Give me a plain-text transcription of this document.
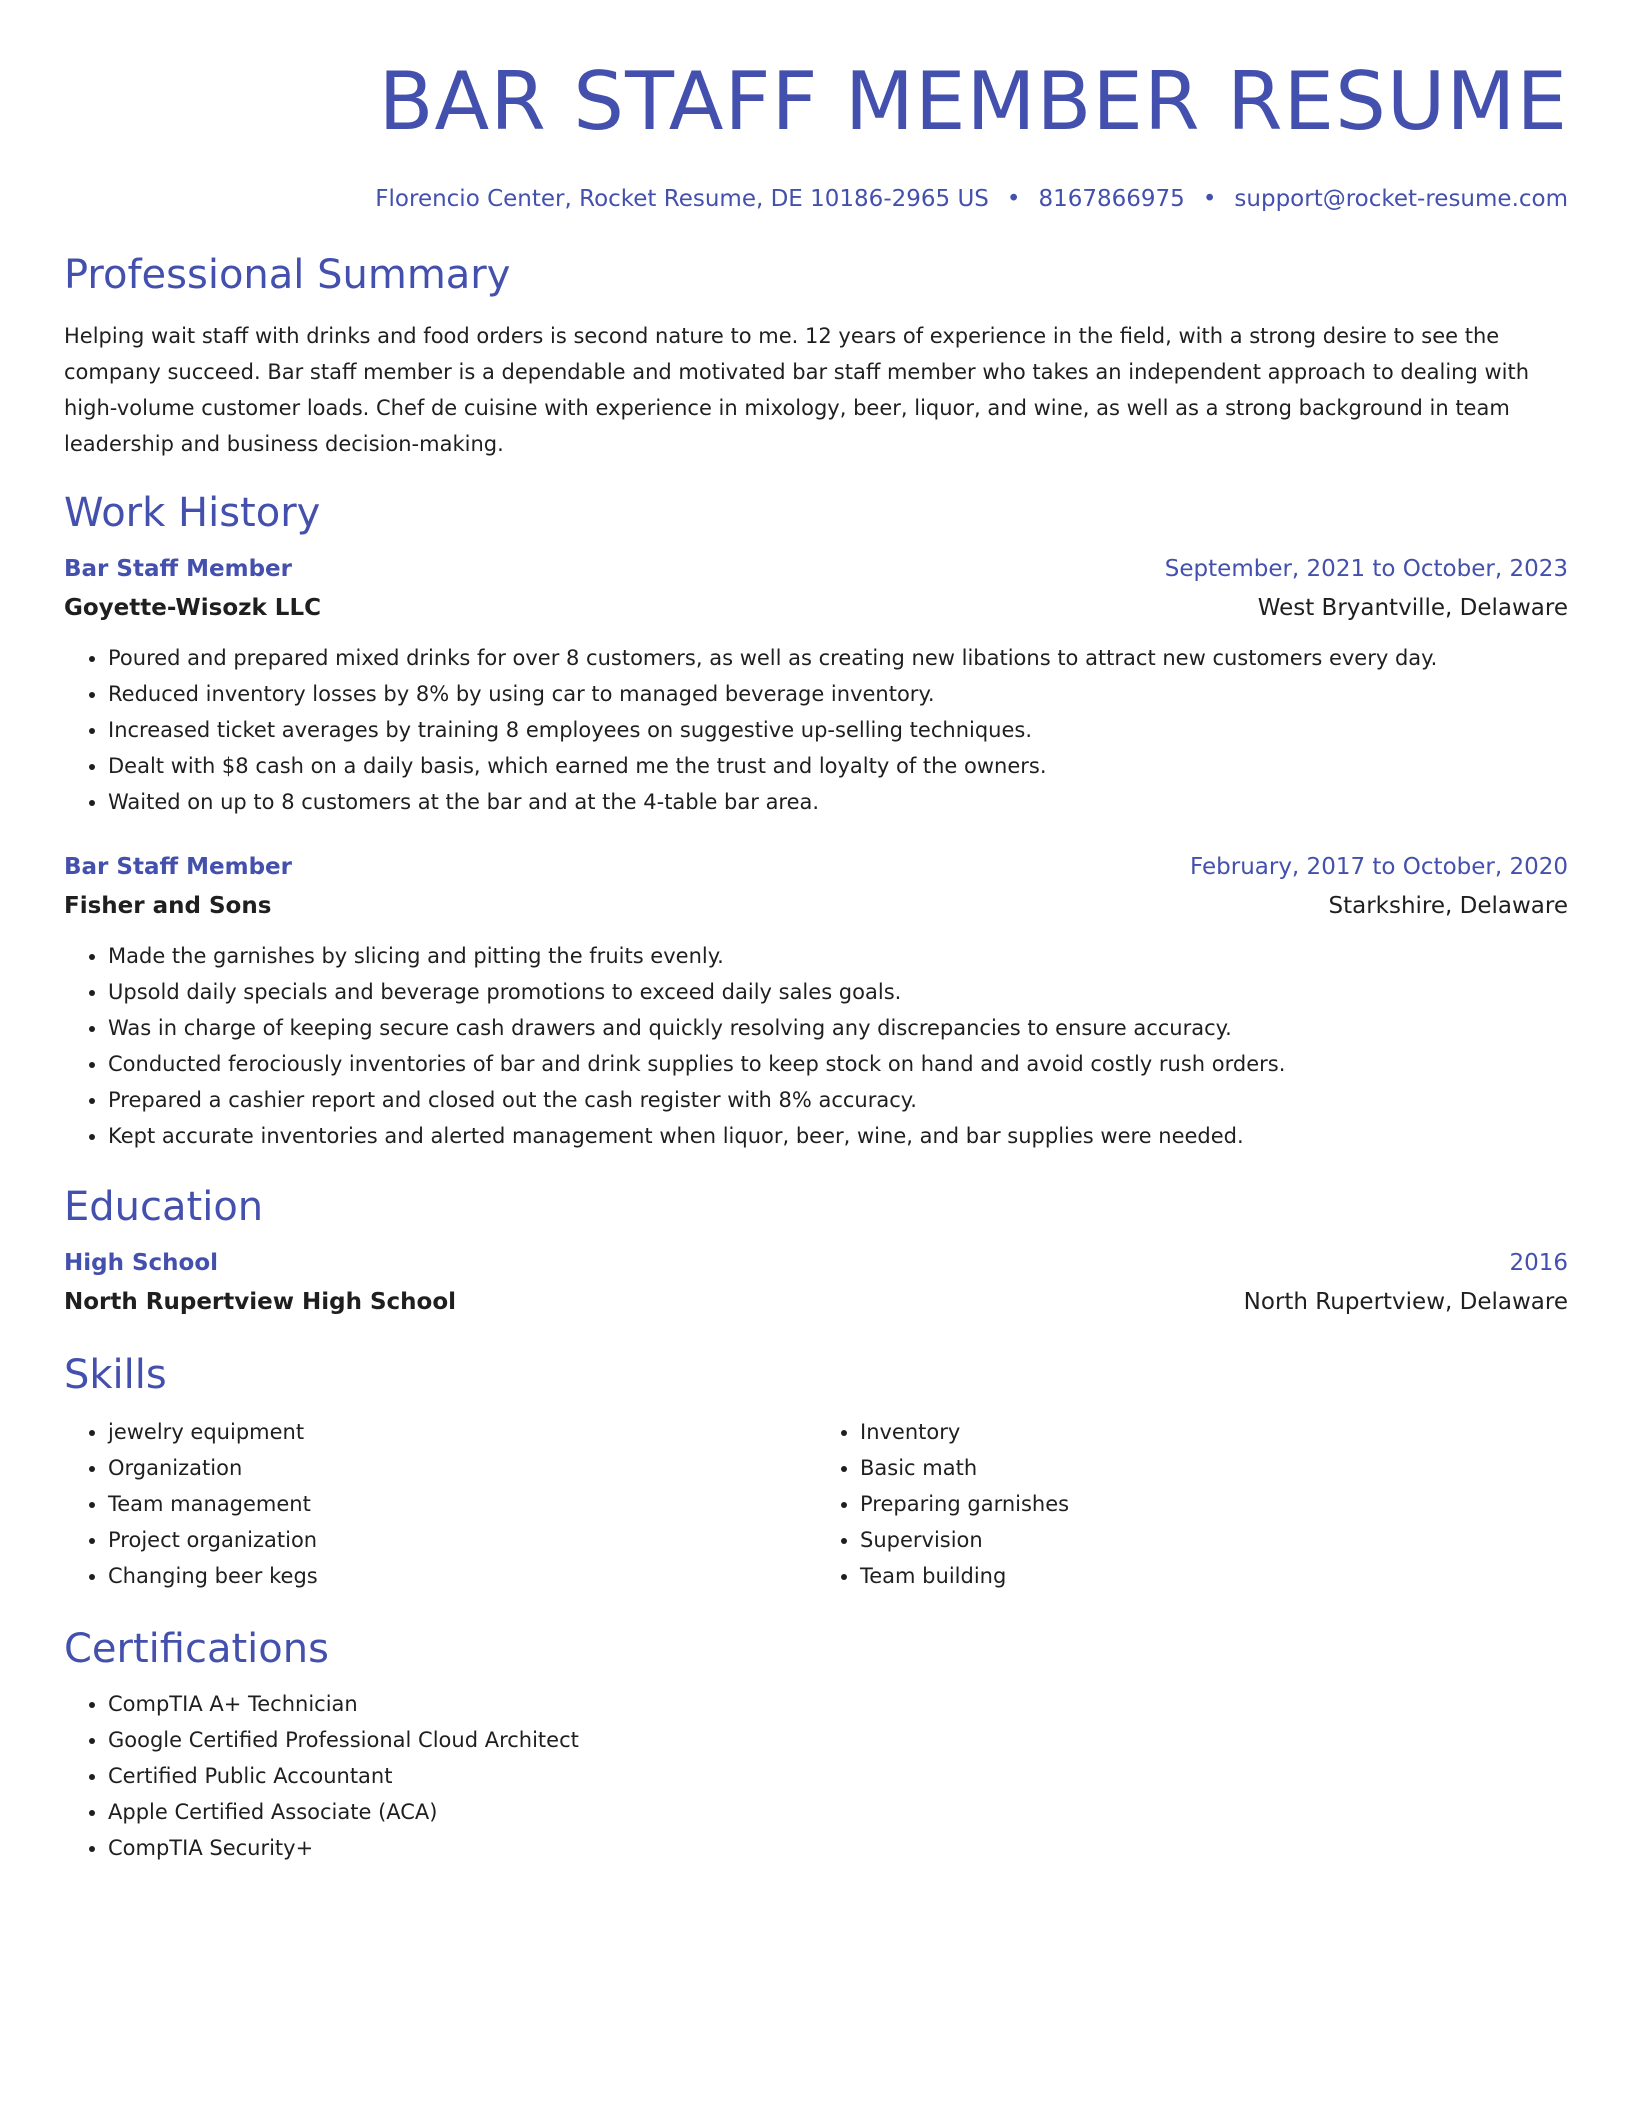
BAR STAFF MEMBER RESUME
Florencio Center, Rocket Resume, DE 10186-2965 US • 8167866975 • support@rocket-resume.com
Professional Summary

Helping wait staff with drinks and food orders is second nature to me. 12 years of experience in the field, with a strong desire to see the company succeed. Bar staff member is a dependable and motivated bar staff member who takes an independent approach to dealing with high-volume customer loads. Chef de cuisine with experience in mixology, beer, liquor, and wine, as well as a strong background in team leadership and business decision-making.

Work History
Bar Staff Member	September, 2021 to October, 2023
Goyette-Wisozk LLC	West Bryantville, Delaware
• Poured and prepared mixed drinks for over 8 customers, as well as creating new libations to attract new customers every day.
• Reduced inventory losses by 8% by using car to managed beverage inventory.
• Increased ticket averages by training 8 employees on suggestive up-selling techniques.
• Dealt with $8 cash on a daily basis, which earned me the trust and loyalty of the owners.
• Waited on up to 8 customers at the bar and at the 4-table bar area.
Bar Staff Member	February, 2017 to October, 2020
Fisher and Sons	Starkshire, Delaware
• Made the garnishes by slicing and pitting the fruits evenly.
• Upsold daily specials and beverage promotions to exceed daily sales goals.
• Was in charge of keeping secure cash drawers and quickly resolving any discrepancies to ensure accuracy.
• Conducted ferociously inventories of bar and drink supplies to keep stock on hand and avoid costly rush orders.
• Prepared a cashier report and closed out the cash register with 8% accuracy.
• Kept accurate inventories and alerted management when liquor, beer, wine, and bar supplies were needed.
Education
High School	2016
North Rupertview High School	North Rupertview, Delaware
Skills
• jewelry equipment
• Organization
• Team management
• Project organization
• Changing beer kegs
• Inventory
• Basic math
• Preparing garnishes
• Supervision
• Team building
Certifications
• CompTIA A+ Technician
• Google Certified Professional Cloud Architect
• Certified Public Accountant
• Apple Certified Associate (ACA)
• CompTIA Security+
